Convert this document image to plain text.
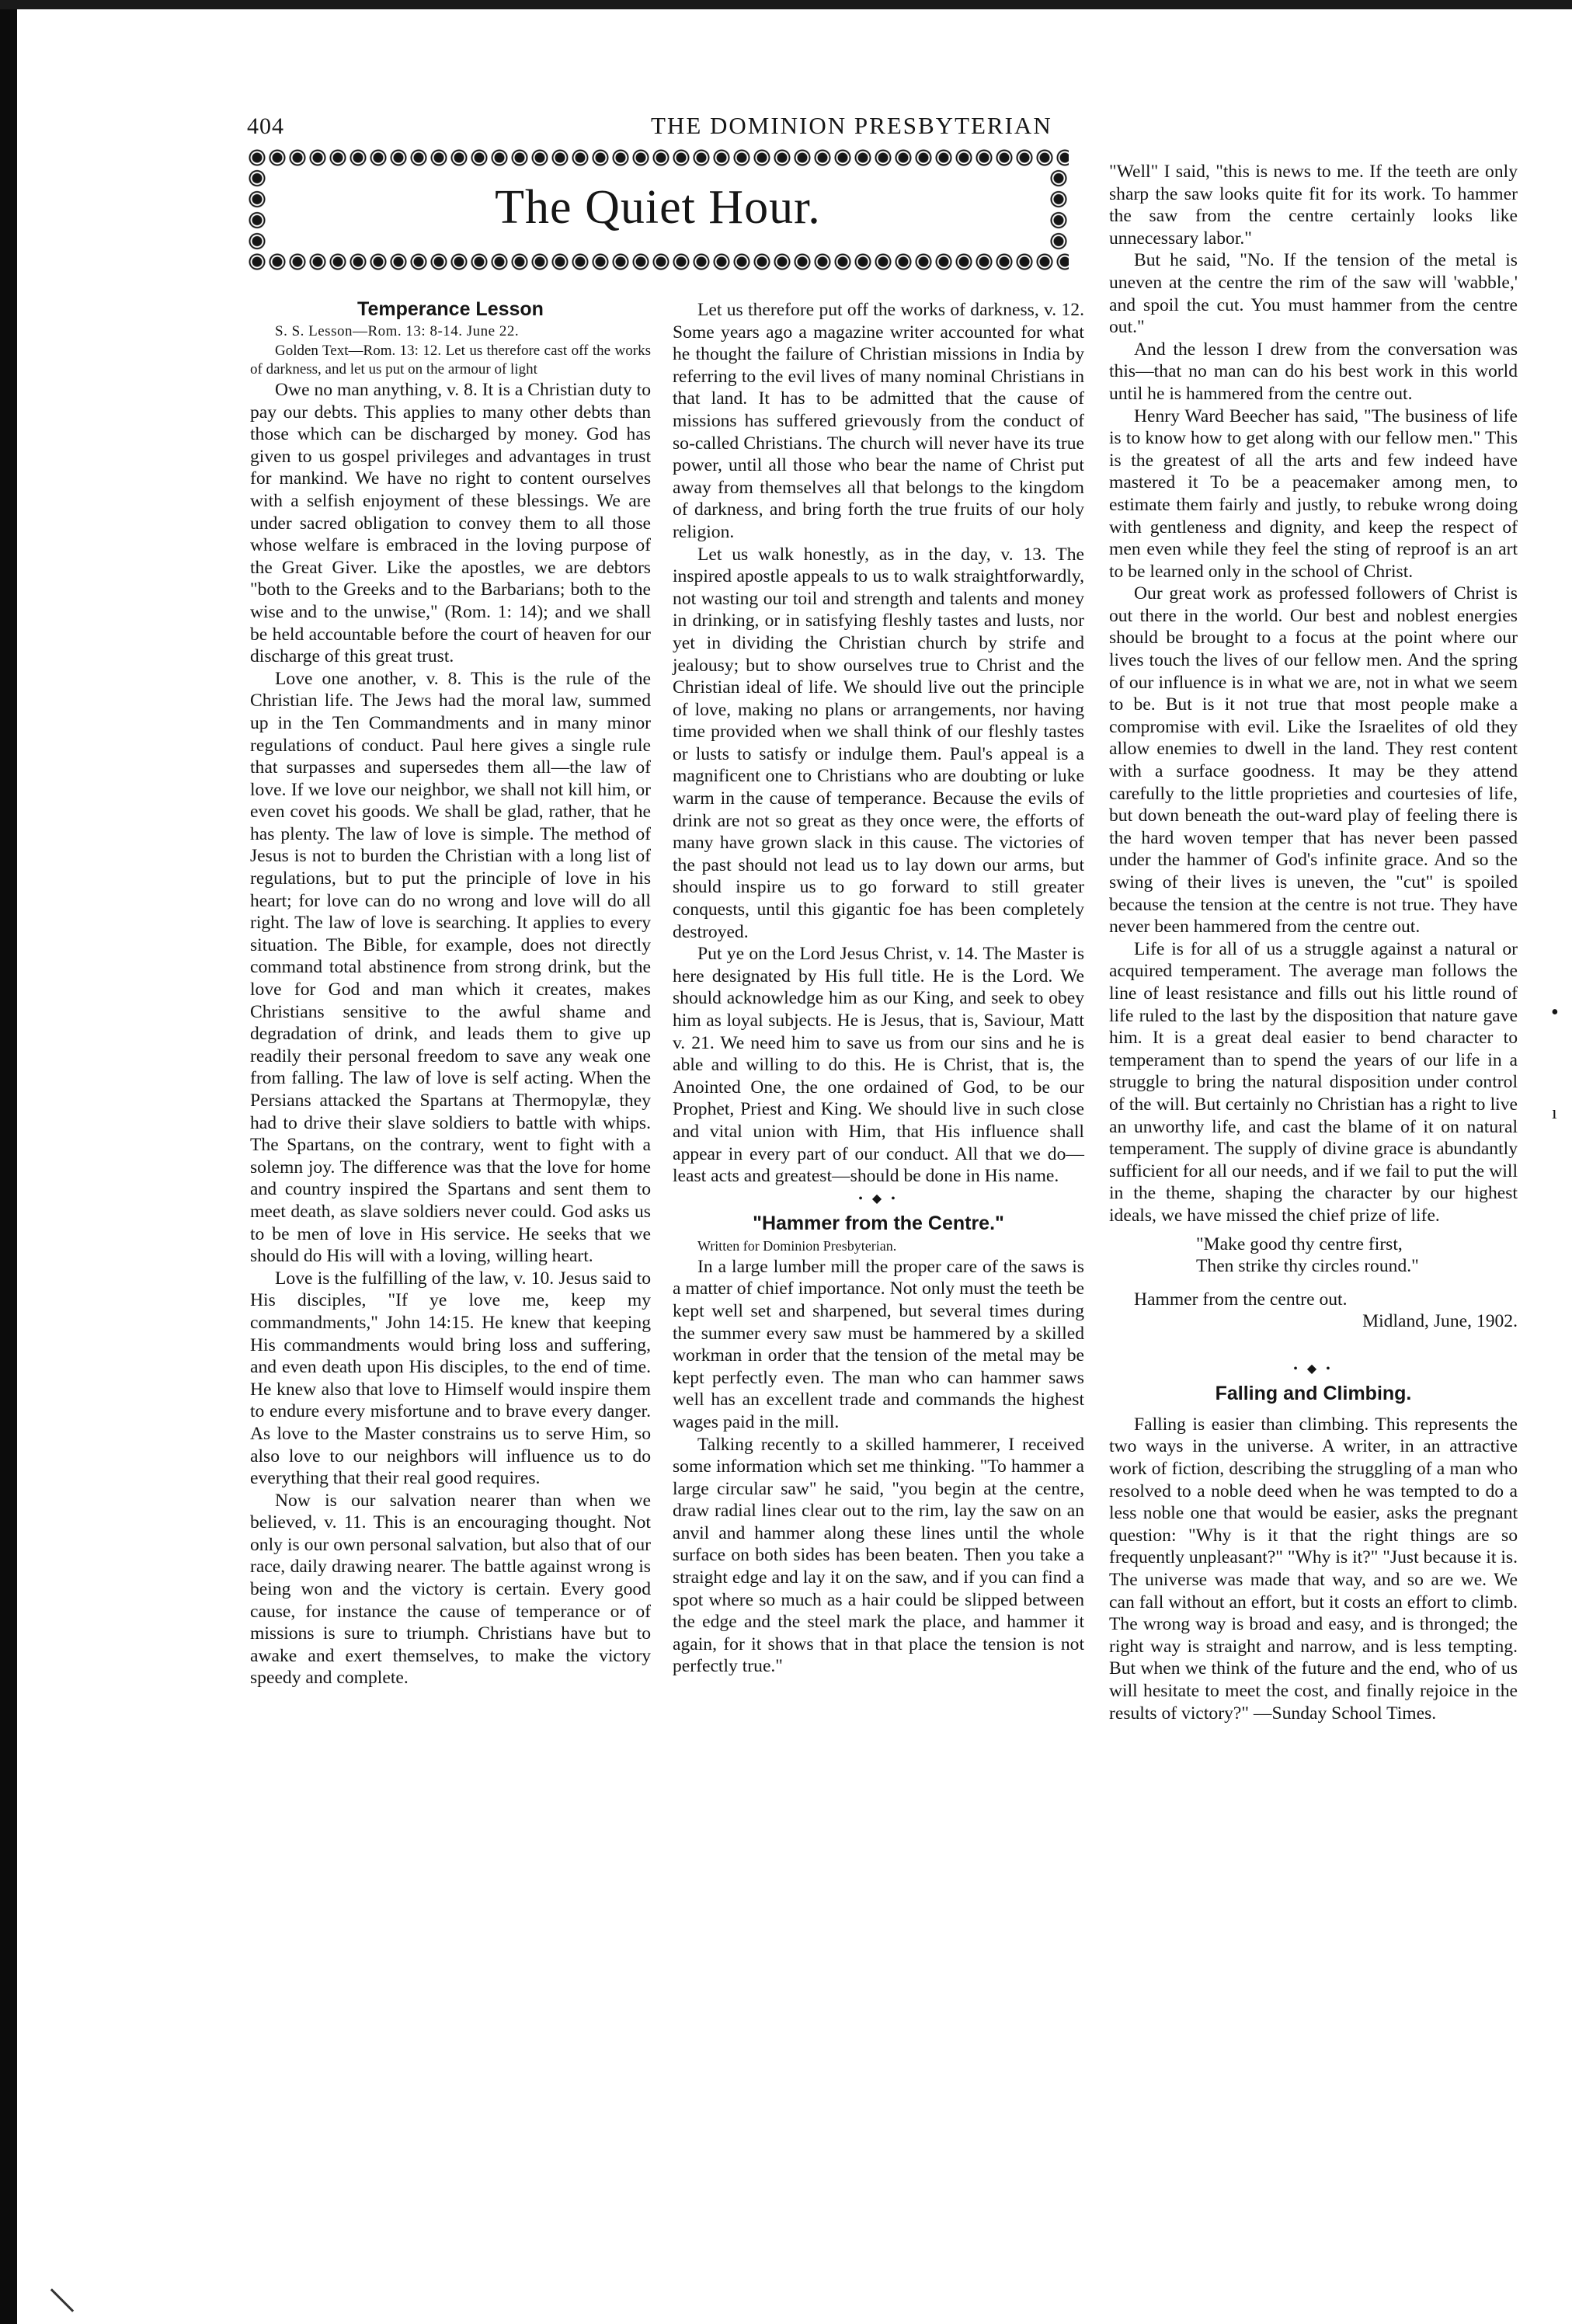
404	THE DOMINION PRESBYTERIAN
The Quiet Hour.
Temperance Lesson

S. S. Lesson—Rom. 13: 8-14. June 22.

Golden Text—Rom. 13: 12. Let us therefore cast off the works of darkness, and let us put on the armour of light

Owe no man anything, v. 8. It is a Christian duty to pay our debts. This applies to many other debts than those which can be discharged by money. God has given to us gospel privileges and advantages in trust for mankind. We have no right to content ourselves with a selfish enjoyment of these blessings. We are under sacred obligation to convey them to all those whose welfare is embraced in the loving purpose of the Great Giver. Like the apostles, we are debtors "both to the Greeks and to the Barbarians; both to the wise and to the unwise," (Rom. 1: 14); and we shall be held accountable before the court of heaven for our discharge of this great trust.

Love one another, v. 8. This is the rule of the Christian life. The Jews had the moral law, summed up in the Ten Commandments and in many minor regulations of conduct. Paul here gives a single rule that surpasses and supersedes them all—the law of love. If we love our neighbor, we shall not kill him, or even covet his goods. We shall be glad, rather, that he has plenty. The law of love is simple. The method of Jesus is not to burden the Christian with a long list of regulations, but to put the principle of love in his heart; for love can do no wrong and love will do all right. The law of love is searching. It applies to every situation. The Bible, for example, does not directly command total abstinence from strong drink, but the love for God and man which it creates, makes Christians sensitive to the awful shame and degradation of drink, and leads them to give up readily their personal freedom to save any weak one from falling. The law of love is self acting. When the Persians attacked the Spartans at Thermopylæ, they had to drive their slave soldiers to battle with whips. The Spartans, on the contrary, went to fight with a solemn joy. The difference was that the love for home and country inspired the Spartans and sent them to meet death, as slave soldiers never could. God asks us to be men of love in His service. He seeks that we should do His will with a loving, willing heart.

Love is the fulfilling of the law, v. 10. Jesus said to His disciples, "If ye love me, keep my commandments," John 14:15. He knew that keeping His commandments would bring loss and suffering, and even death upon His disciples, to the end of time. He knew also that love to Himself would inspire them to endure every misfortune and to brave every danger. As love to the Master constrains us to serve Him, so also love to our neighbors will influence us to do everything that their real good requires.

Now is our salvation nearer than when we believed, v. 11. This is an encouraging thought. Not only is our own personal salvation, but also that of our race, daily drawing nearer. The battle against wrong is being won and the victory is certain. Every good cause, for instance the cause of temperance or of missions is sure to triumph. Christians have but to awake and exert themselves, to make the victory speedy and complete.

Let us therefore put off the works of darkness, v. 12. Some years ago a magazine writer accounted for what he thought the failure of Christian missions in India by referring to the evil lives of many nominal Christians in that land. It has to be admitted that the cause of missions has suffered grievously from the conduct of so-called Christians. The church will never have its true power, until all those who bear the name of Christ put away from themselves all that belongs to the kingdom of darkness, and bring forth the true fruits of our holy religion.

Let us walk honestly, as in the day, v. 13. The inspired apostle appeals to us to walk straightforwardly, not wasting our toil and strength and talents and money in drinking, or in satisfying fleshly tastes and lusts, nor yet in dividing the Christian church by strife and jealousy; but to show ourselves true to Christ and the Christian ideal of life. We should live out the principle of love, making no plans or arrangements, nor having time provided when we shall think of our fleshly tastes or lusts to satisfy or indulge them. Paul's appeal is a magnificent one to Christians who are doubting or luke warm in the cause of temperance. Because the evils of drink are not so great as they once were, the efforts of many have grown slack in this cause. The victories of the past should not lead us to lay down our arms, but should inspire us to go forward to still greater conquests, until this gigantic foe has been completely destroyed.

Put ye on the Lord Jesus Christ, v. 14. The Master is here designated by His full title. He is the Lord. We should acknowledge him as our King, and seek to obey him as loyal subjects. He is Jesus, that is, Saviour, Matt v. 21. We need him to save us from our sins and he is able and willing to do this. He is Christ, that is, the Anointed One, the one ordained of God, to be our Prophet, Priest and King. We should live in such close and vital union with Him, that His influence shall appear in every part of our conduct. All that we do—least acts and greatest—should be done in His name.

• ◆ •
"Hammer from the Centre."

Written for Dominion Presbyterian.

In a large lumber mill the proper care of the saws is a matter of chief importance. Not only must the teeth be kept well set and sharpened, but several times during the summer every saw must be hammered by a skilled workman in order that the tension of the metal may be kept perfectly even. The man who can hammer saws well has an excellent trade and commands the highest wages paid in the mill.

Talking recently to a skilled hammerer, I received some information which set me thinking. "To hammer a large circular saw" he said, "you begin at the centre, draw radial lines clear out to the rim, lay the saw on an anvil and hammer along these lines until the whole surface on both sides has been beaten. Then you take a straight edge and lay it on the saw, and if you can find a spot where so much as a hair could be slipped between the edge and the steel mark the place, and hammer it again, for it shows that in that place the tension is not perfectly true."

"Well" I said, "this is news to me. If the teeth are only sharp the saw looks quite fit for its work. To hammer the saw from the centre certainly looks like unnecessary labor."

But he said, "No. If the tension of the metal is uneven at the centre the rim of the saw will 'wabble,' and spoil the cut. You must hammer from the centre out."

And the lesson I drew from the conversation was this—that no man can do his best work in this world until he is hammered from the centre out.

Henry Ward Beecher has said, "The business of life is to know how to get along with our fellow men." This is the greatest of all the arts and few indeed have mastered it To be a peacemaker among men, to estimate them fairly and justly, to rebuke wrong doing with gentleness and dignity, and keep the respect of men even while they feel the sting of reproof is an art to be learned only in the school of Christ.

Our great work as professed followers of Christ is out there in the world. Our best and noblest energies should be brought to a focus at the point where our lives touch the lives of our fellow men. And the spring of our influence is in what we are, not in what we seem to be. But is it not true that most people make a compromise with evil. Like the Israelites of old they allow enemies to dwell in the land. They rest content with a surface goodness. It may be they attend carefully to the little proprieties and courtesies of life, but down beneath the out-ward play of feeling there is the hard woven temper that has never been passed under the hammer of God's infinite grace. And so the swing of their lives is uneven, the "cut" is spoiled because the tension at the centre is not true. They have never been hammered from the centre out.

Life is for all of us a struggle against a natural or acquired temperament. The average man follows the line of least resistance and fills out his little round of life ruled to the last by the disposition that nature gave him. It is a great deal easier to bend character to temperament than to spend the years of our life in a struggle to bring the natural disposition under control of the will. But certainly no Christian has a right to live an unworthy life, and cast the blame of it on natural temperament. The supply of divine grace is abundantly sufficient for all our needs, and if we fail to put the will in the theme, shaping the character by our highest ideals, we have missed the chief prize of life.

"Make good thy centre first,

Then strike thy circles round."

Hammer from the centre out.

Midland, June, 1902.

• ◆ •
Falling and Climbing.

Falling is easier than climbing. This represents the two ways in the universe. A writer, in an attractive work of fiction, describing the struggling of a man who resolved to a noble deed when he was tempted to do a less noble one that would be easier, asks the pregnant question: "Why is it that the right things are so frequently unpleasant?" "Why is it?" "Just because it is. The universe was made that way, and so are we. We can fall without an effort, but it costs an effort to climb. The wrong way is broad and easy, and is thronged; the right way is straight and narrow, and is less tempting. But when we think of the future and the end, who of us will hesitate to meet the cost, and finally rejoice in the results of victory?" —Sunday School Times.

•
ı
